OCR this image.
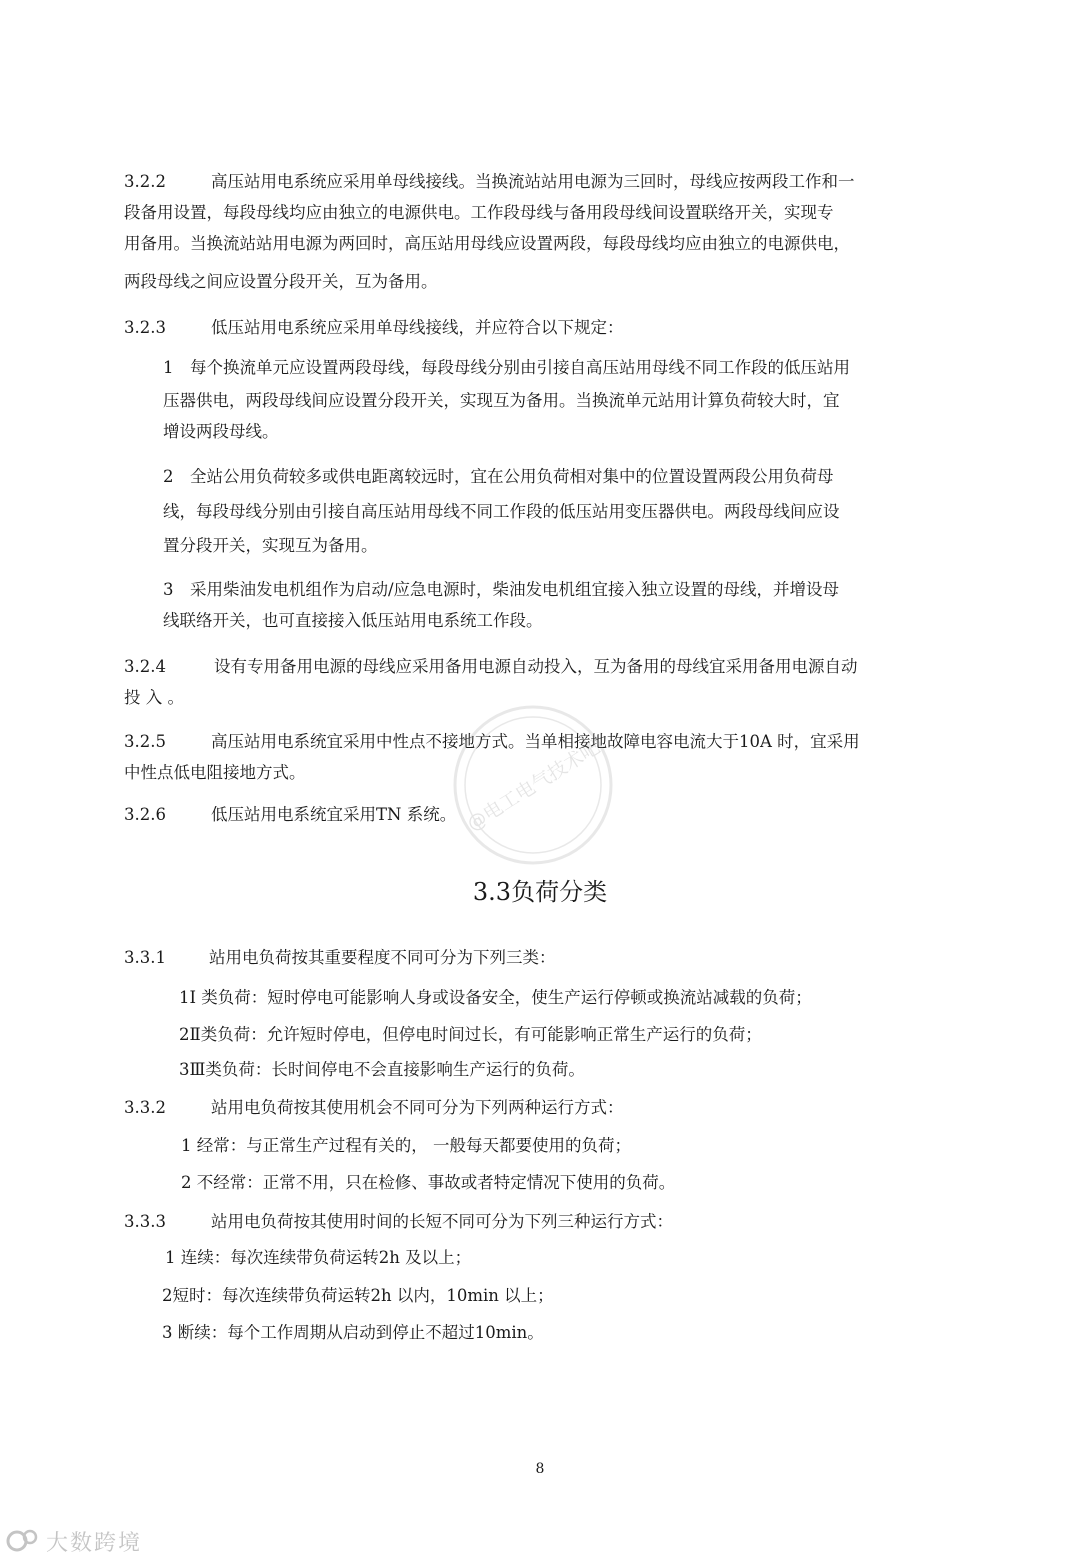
3.2.2	高压站用电系统应采用单母线接线。当换流站站用电源为三回时，母线应按两段工作和一
段备用设置，每段母线均应由独立的电源供电。工作段母线与备用段母线间设置联络开关，实现专
用备用。当换流站站用电源为两回时，高压站用母线应设置两段，每段母线均应由独立的电源供电，
两段母线之间应设置分段开关，互为备用。
3.2.3	低压站用电系统应采用单母线接线，并应符合以下规定：
1　每个换流单元应设置两段母线，每段母线分别由引接自高压站用母线不同工作段的低压站用
压器供电，两段母线间应设置分段开关，实现互为备用。当换流单元站用计算负荷较大时，宜
增设两段母线。
2　全站公用负荷较多或供电距离较远时，宜在公用负荷相对集中的位置设置两段公用负荷母
线，每段母线分别由引接自高压站用母线不同工作段的低压站用变压器供电。两段母线间应设
置分段开关，实现互为备用。
3　采用柴油发电机组作为启动/应急电源时，柴油发电机组宜接入独立设置的母线，并增设母
线联络开关，也可直接接入低压站用电系统工作段。
3.2.4	设有专用备用电源的母线应采用备用电源自动投入，互为备用的母线宜采用备用电源自动
投 入 。
3.2.5	高压站用电系统宜采用中性点不接地方式。当单相接地故障电容电流大于10A 时，宜采用
中性点低电阻接地方式。
3.2.6	低压站用电系统宜采用TN 系统。 @电工电气技术吧
3.3负荷分类
3.3.1	站用电负荷按其重要程度不同可分为下列三类：
1I 类负荷：短时停电可能影响人身或设备安全，使生产运行停顿或换流站减载的负荷；
2Ⅱ类负荷：允许短时停电，但停电时间过长，有可能影响正常生产运行的负荷；
3Ⅲ类负荷：长时间停电不会直接影响生产运行的负荷。
3.3.2	站用电负荷按其使用机会不同可分为下列两种运行方式：
1 经常：与正常生产过程有关的， 一般每天都要使用的负荷；
2 不经常：正常不用，只在检修、事故或者特定情况下使用的负荷。
3.3.3	站用电负荷按其使用时间的长短不同可分为下列三种运行方式：
1 连续：每次连续带负荷运转2h 及以上；
2短时：每次连续带负荷运转2h 以内，10min 以上；
3 断续：每个工作周期从启动到停止不超过10min。
8
大数跨境
